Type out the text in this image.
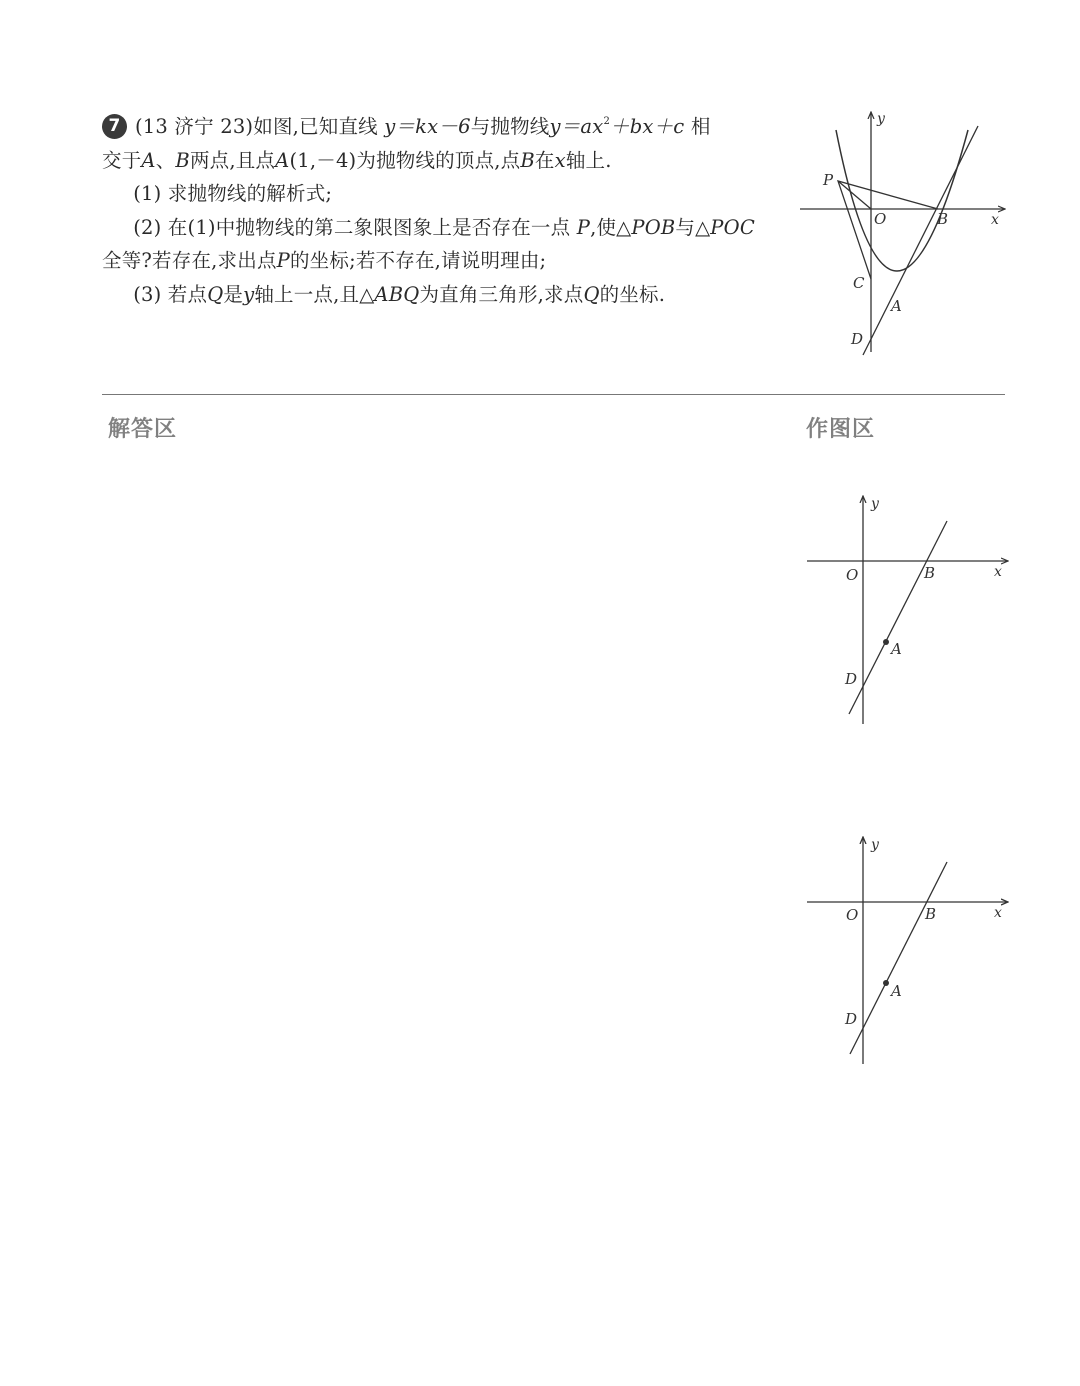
7 (13 济宁 23)如图,已知直线 y＝kx－6与抛物线$y=ax^2+bx+c$ 相

交于A、B两点,且点A(1,－4)为抛物线的顶点,点B在x轴上.

(1) 求抛物线的解析式;

(2) 在(1)中抛物线的第二象限图象上是否存在一点 P,使△POB与△POC全等?若存在,求出点P的坐标;若不存在,请说明理由;

(3) 若点Q是y轴上一点,且△ABQ为直角三角形,求点Q的坐标.

y
x
O	B
P
C
A
D
解答区	作图区
y
x
O	B
A
D
y
x
O	B
A
D
